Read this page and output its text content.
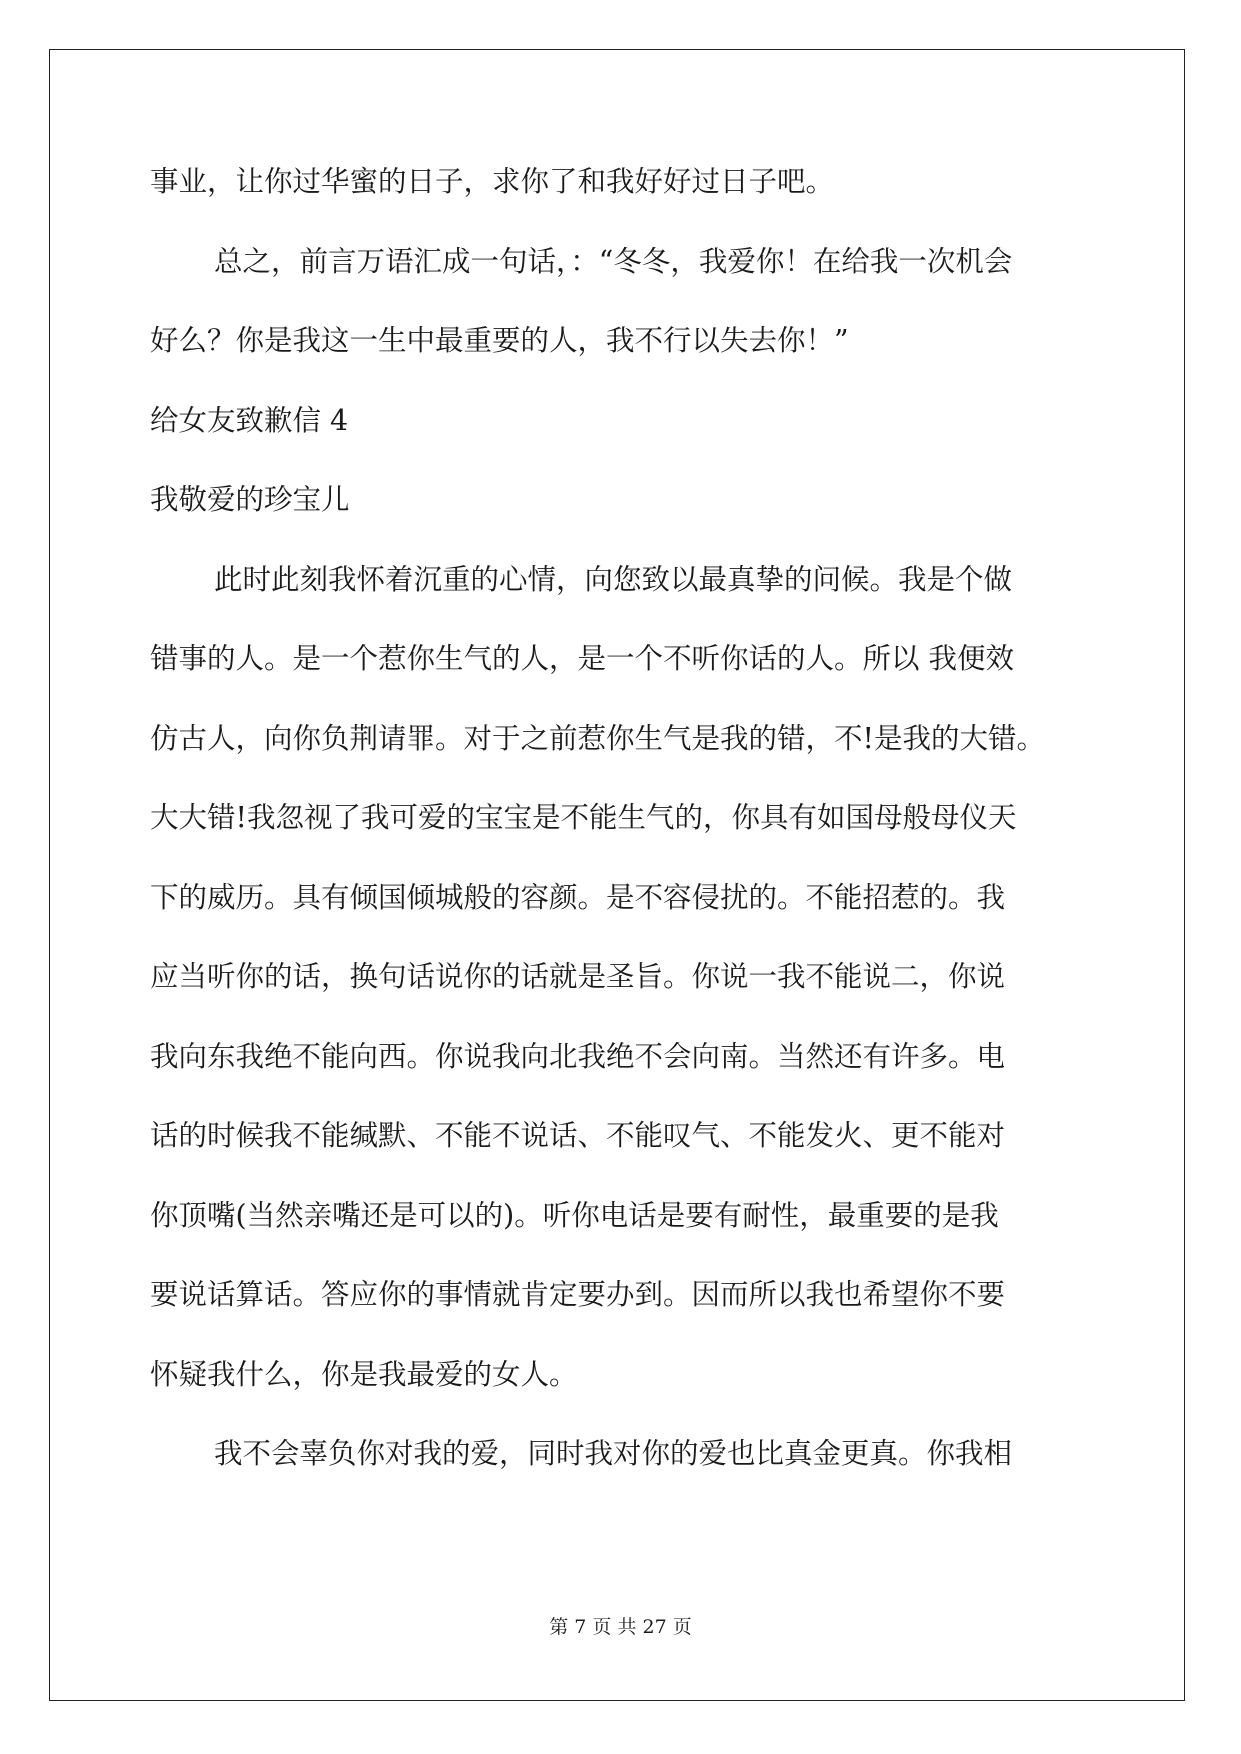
事业，让你过华蜜的日子，求你了和我好好过日子吧。
总之，前言万语汇成一句话，：“冬冬，我爱你！在给我一次机会
好么？你是我这一生中最重要的人，我不行以失去你！”
给女友致歉信 4
我敬爱的珍宝儿
此时此刻我怀着沉重的心情，向您致以最真挚的问候。我是个做
错事的人。是一个惹你生气的人，是一个不听你话的人。所以 我便效
仿古人，向你负荆请罪。对于之前惹你生气是我的错，不!是我的大错。
大大错!我忽视了我可爱的宝宝是不能生气的，你具有如国母般母仪天
下的威历。具有倾国倾城般的容颜。是不容侵扰的。不能招惹的。我
应当听你的话，换句话说你的话就是圣旨。你说一我不能说二，你说
我向东我绝不能向西。你说我向北我绝不会向南。当然还有许多。电
话的时候我不能缄默、不能不说话、不能叹气、不能发火、更不能对
你顶嘴(当然亲嘴还是可以的)。听你电话是要有耐性，最重要的是我
要说话算话。答应你的事情就肯定要办到。因而所以我也希望你不要
怀疑我什么，你是我最爱的女人。
我不会辜负你对我的爱，同时我对你的爱也比真金更真。你我相
第 7 页 共 27 页
